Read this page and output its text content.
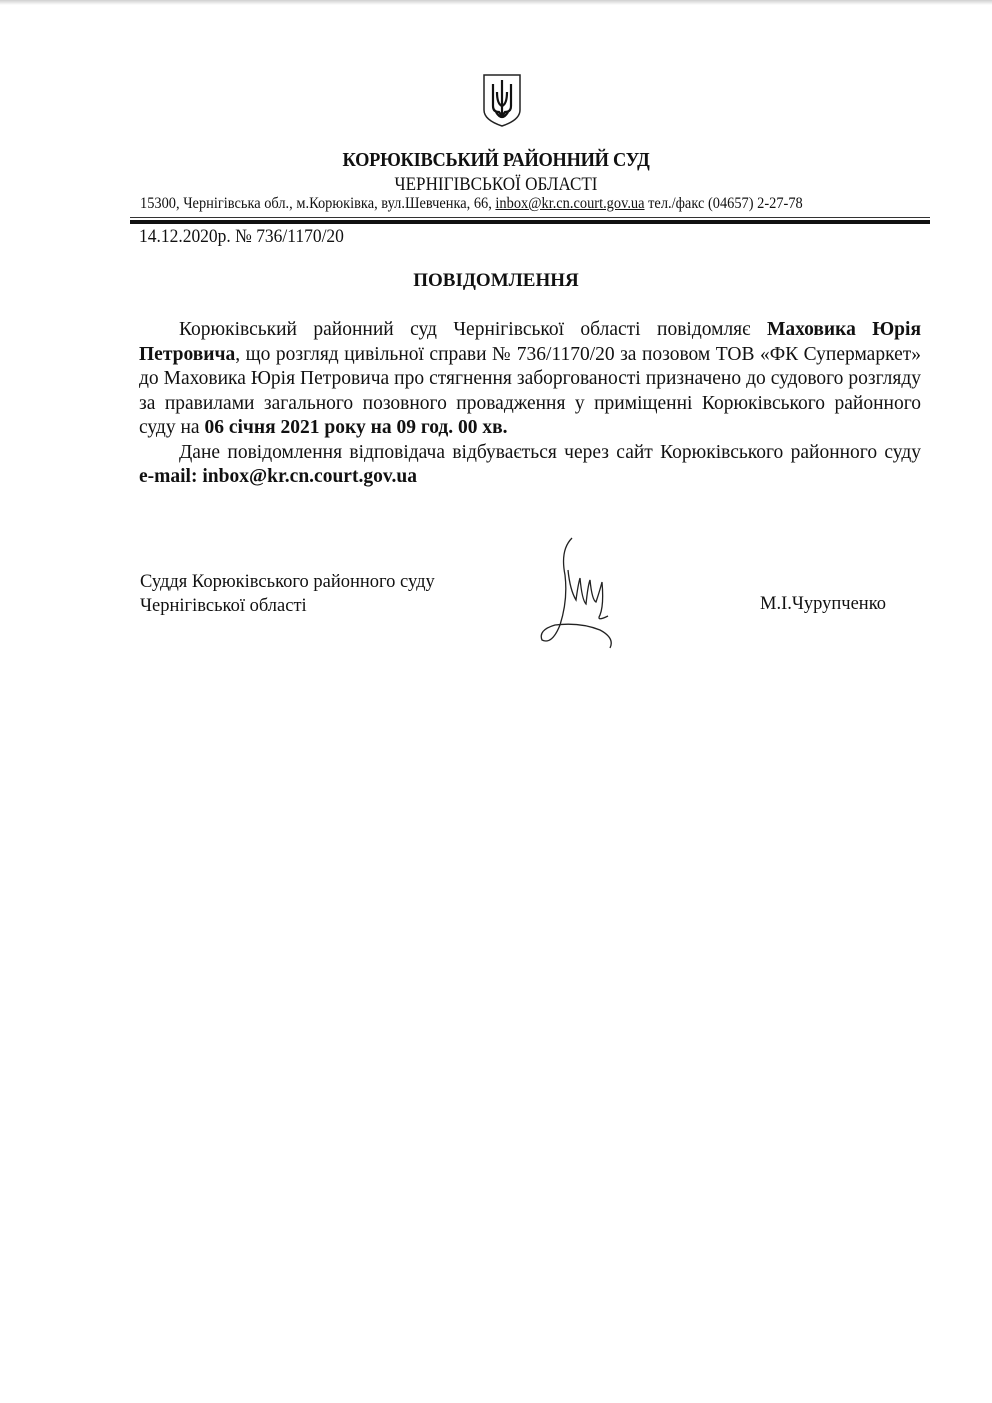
КОРЮКІВСЬКИЙ РАЙОННИЙ СУД
ЧЕРНІГІВСЬКОЇ ОБЛАСТІ
15300, Чернігівська обл., м.Корюківка, вул.Шевченка, 66, inbox@kr.cn.court.gov.ua тел./факс (04657) 2-27-78
14.12.2020р. № 736/1170/20
ПОВІДОМЛЕННЯ

Корюківський районний суд Чернігівської області повідомляє Маховика Юрія Петровича, що розгляд цивільної справи № 736/1170/20 за позовом ТОВ «ФК Супермаркет» до Маховика Юрія Петровича про стягнення заборгованості призначено до судового розгляду за правилами загального позовного провадження у приміщенні Корюківського районного суду на 06 січня 2021 року на 09 год. 00 хв.

Дане повідомлення відповідача відбувається через сайт Корюківського районного суду e-mail: inbox@kr.cn.court.gov.ua

Суддя Корюківського районного суду
Чернігівської області	М.І.Чурупченко
